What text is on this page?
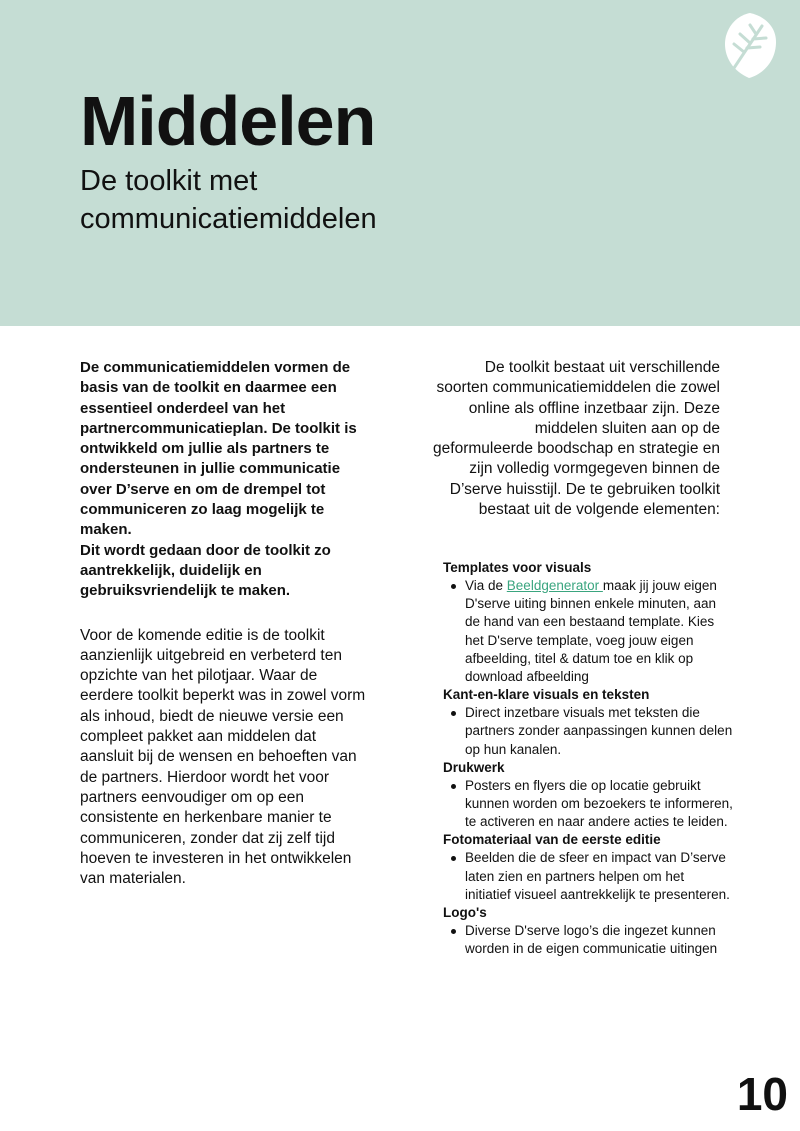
Middelen
De toolkit met communicatiemiddelen

De communicatiemiddelen vormen de basis van de toolkit en daarmee een essentieel onderdeel van het partnercommunicatieplan. De toolkit is ontwikkeld om jullie als partners te ondersteunen in jullie communicatie over D’serve en om de drempel tot communiceren zo laag mogelijk te maken.
Dit wordt gedaan door de toolkit zo aantrekkelijk, duidelijk en gebruiksvriendelijk te maken.

Voor de komende editie is de toolkit aanzienlijk uitgebreid en verbeterd ten opzichte van het pilotjaar. Waar de eerdere toolkit beperkt was in zowel vorm als inhoud, biedt de nieuwe versie een compleet pakket aan middelen dat aansluit bij de wensen en behoeften van de partners. Hierdoor wordt het voor partners eenvoudiger om op een consistente en herkenbare manier te communiceren, zonder dat zij zelf tijd hoeven te investeren in het ontwikkelen van materialen.

De toolkit bestaat uit verschillende soorten communicatiemiddelen die zowel online als offline inzetbaar zijn. Deze middelen sluiten aan op de geformuleerde boodschap en strategie en zijn volledig vormgegeven binnen de D’serve huisstijl. De te gebruiken toolkit bestaat uit de volgende elementen:

Templates voor visuals

Via de Beeldgenerator maak jij jouw eigen D'serve uiting binnen enkele minuten, aan de hand van een bestaand template. Kies het D'serve template, voeg jouw eigen afbeelding, titel & datum toe en klik op download afbeelding

Kant-en-klare visuals en teksten

Direct inzetbare visuals met teksten die partners zonder aanpassingen kunnen delen op hun kanalen.

Drukwerk

Posters en flyers die op locatie gebruikt kunnen worden om bezoekers te informeren, te activeren en naar andere acties te leiden.

Fotomateriaal van de eerste editie

Beelden die de sfeer en impact van D’serve laten zien en partners helpen om het initiatief visueel aantrekkelijk te presenteren.

Logo's

Diverse D'serve logo’s die ingezet kunnen worden in de eigen communicatie uitingen

10
